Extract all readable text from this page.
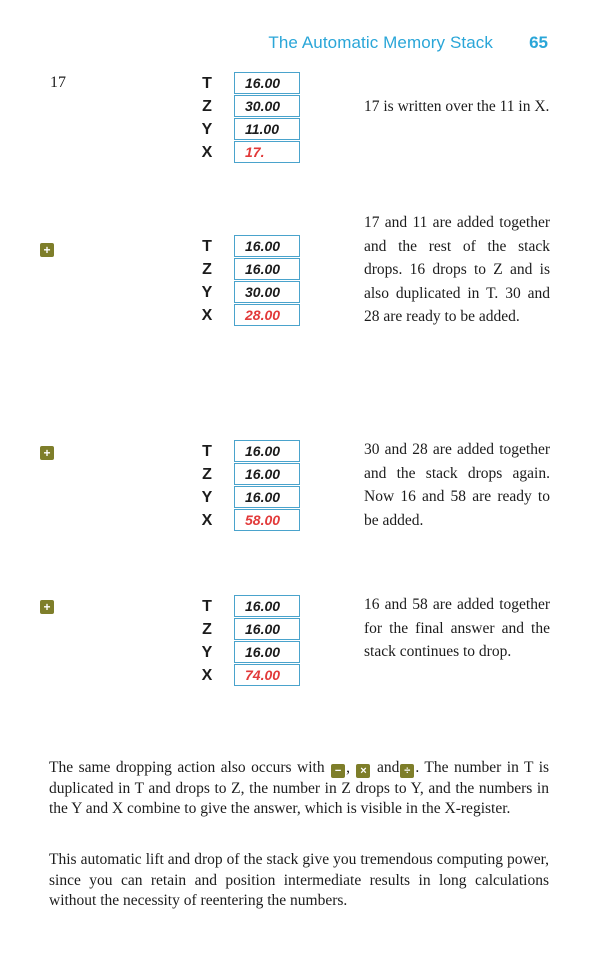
The Automatic Memory Stack 65
17	T	16.00
Z	30.00
Y	11.00
X	17.
17 is written over the 11 in X.
+	T	16.00
Z	16.00
Y	30.00
X	28.00
17 and 11 are added together and the rest of the stack drops. 16 drops to Z and is also duplicated in T. 30 and 28 are ready to be added.
+	T	16.00
Z	16.00
Y	16.00
X	58.00
30 and 28 are added together and the stack drops again. Now 16 and 58 are ready to be added.
+	T	16.00
Z	16.00
Y	16.00
X	74.00
16 and 58 are added together for the final answer and the stack continues to drop.
The same dropping action also occurs with − , × and ÷ . The number in T is duplicated in T and drops to Z, the number in Z drops to Y, and the numbers in the Y and X combine to give the answer, which is visible in the X-register.
This automatic lift and drop of the stack give you tremendous computing power, since you can retain and position intermediate results in long calculations without the necessity of reentering the numbers.
